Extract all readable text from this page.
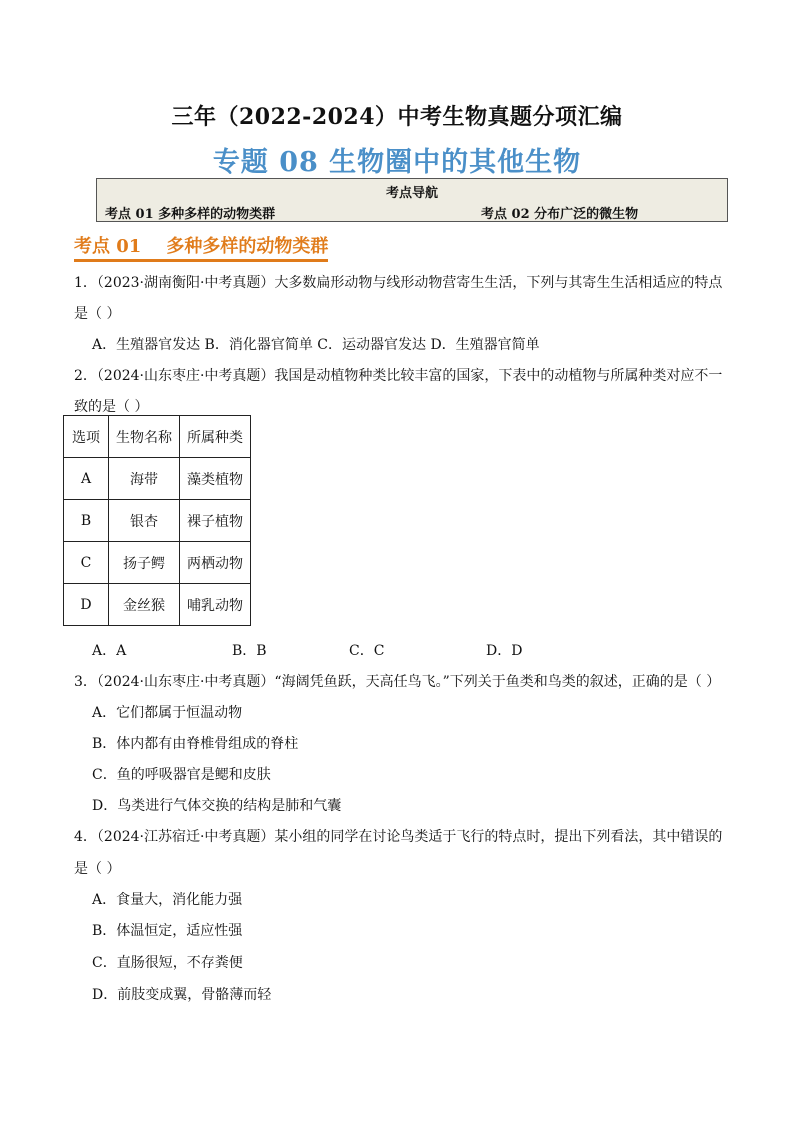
三年（2022-2024）中考生物真题分项汇编
专题 08 生物圈中的其他生物
考点导航
考点 01 多种多样的动物类群	考点 02 分布广泛的微生物
考点 01    多种多样的动物类群
1．（2023·湖南衡阳·中考真题）大多数扁形动物与线形动物营寄生生活，下列与其寄生生活相适应的特点
是（ ）
A．生殖器官发达 B．消化器官简单 C．运动器官发达 D．生殖器官简单
2．（2024·山东枣庄·中考真题）我国是动植物种类比较丰富的国家，下表中的动植物与所属种类对应不一
致的是（ ）
选项	生物名称	所属种类
A	海带	藻类植物
B	银杏	裸子植物
C	扬子鳄	两栖动物
D	金丝猴	哺乳动物
A．A	B．B	C．C	D．D
3．（2024·山东枣庄·中考真题）“海阔凭鱼跃，天高任鸟飞。”下列关于鱼类和鸟类的叙述，正确的是（ ）
A．它们都属于恒温动物
B．体内都有由脊椎骨组成的脊柱
C．鱼的呼吸器官是鳃和皮肤
D．鸟类进行气体交换的结构是肺和气囊
4．（2024·江苏宿迁·中考真题）某小组的同学在讨论鸟类适于飞行的特点时，提出下列看法，其中错误的
是（ ）
A．食量大，消化能力强
B．体温恒定，适应性强
C．直肠很短，不存粪便
D．前肢变成翼，骨骼薄而轻
